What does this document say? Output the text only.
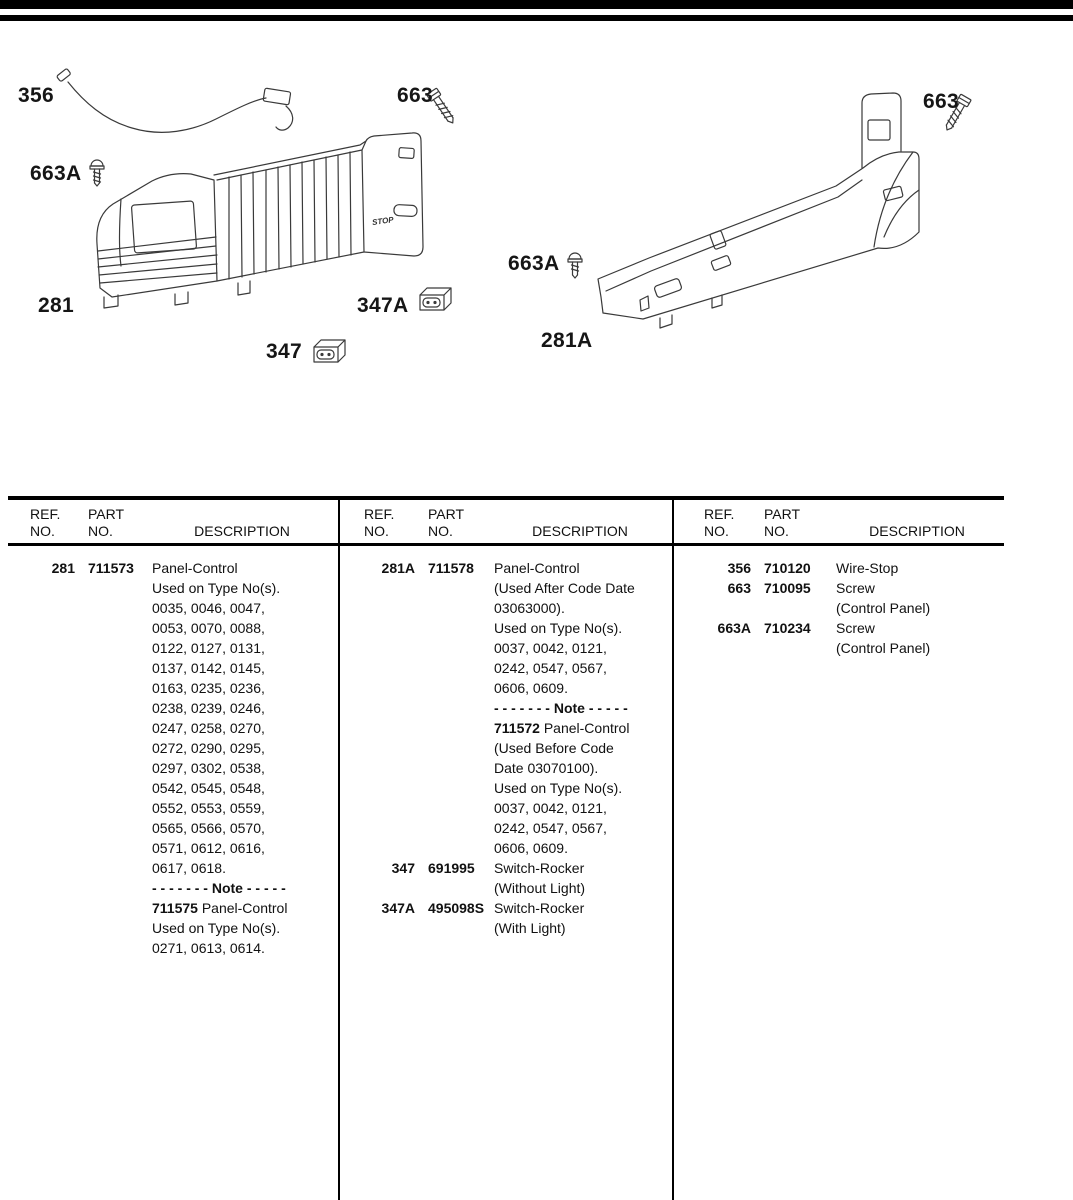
STOP
356	663
663A
281	347A
347
663A
281A
663
REF.
NO.
PART
NO.	DESCRIPTION
281 711573	Panel-Control
Used on Type No(s).
0035, 0046, 0047,
0053, 0070, 0088,
0122, 0127, 0131,
0137, 0142, 0145,
0163, 0235, 0236,
0238, 0239, 0246,
0247, 0258, 0270,
0272, 0290, 0295,
0297, 0302, 0538,
0542, 0545, 0548,
0552, 0553, 0559,
0565, 0566, 0570,
0571, 0612, 0616,
0617, 0618.
- - - - - - - Note - - - - -
711575 Panel-Control
Used on Type No(s).
0271, 0613, 0614.
REF.
NO.
PART
NO.	DESCRIPTION
281A 711578	Panel-Control
(Used After Code Date
03063000).
Used on Type No(s).
0037, 0042, 0121,
0242, 0547, 0567,
0606, 0609.
- - - - - - - Note - - - - -
711572 Panel-Control
(Used Before Code
Date 03070100).
Used on Type No(s).
0037, 0042, 0121,
0242, 0547, 0567,
0606, 0609.
347 691995	Switch-Rocker
(Without Light)
347A 495098S Switch-Rocker
(With Light)
REF.
NO.
PART
NO.	DESCRIPTION
356 710120	Wire-Stop
663 710095	Screw
(Control Panel)
663A 710234	Screw
(Control Panel)
